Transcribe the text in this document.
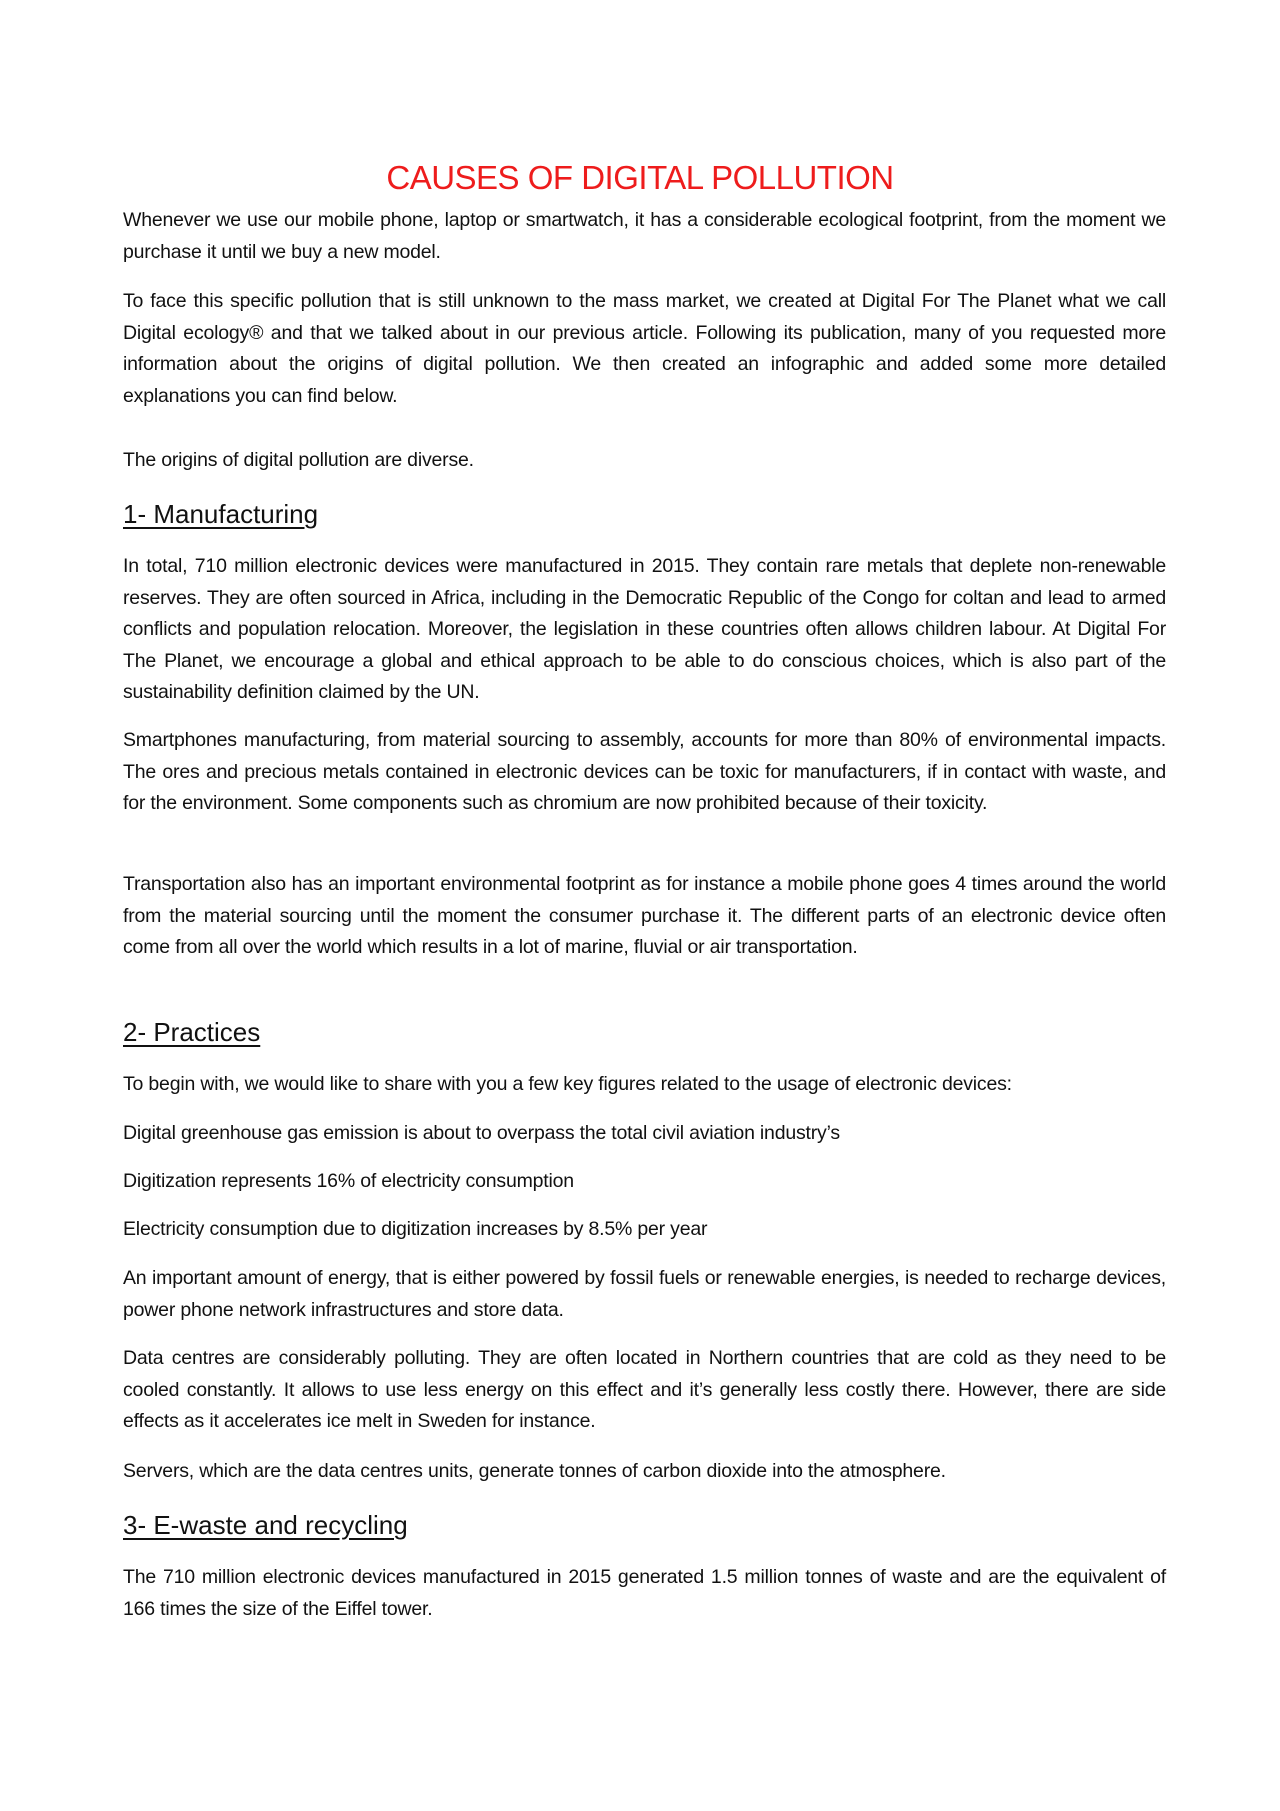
CAUSES OF DIGITAL POLLUTION

Whenever we use our mobile phone, laptop or smartwatch, it has a considerable ecological footprint, from the moment we purchase it until we buy a new model.

To face this specific pollution that is still unknown to the mass market, we created at Digital For The Planet what we call Digital ecology® and that we talked about in our previous article. Following its publication, many of you requested more information about the origins of digital pollution. We then created an infographic and added some more detailed explanations you can find below.

The origins of digital pollution are diverse.

1- Manufacturing

In total, 710 million electronic devices were manufactured in 2015. They contain rare metals that deplete non-renewable reserves. They are often sourced in Africa, including in the Democratic Republic of the Congo for coltan and lead to armed conflicts and population relocation. Moreover, the legislation in these countries often allows children labour. At Digital For The Planet, we encourage a global and ethical approach to be able to do conscious choices, which is also part of the sustainability definition claimed by the UN.

Smartphones manufacturing, from material sourcing to assembly, accounts for more than 80% of environmental impacts. The ores and precious metals contained in electronic devices can be toxic for manufacturers, if in contact with waste, and for the environment. Some components such as chromium are now prohibited because of their toxicity.

Transportation also has an important environmental footprint as for instance a mobile phone goes 4 times around the world from the material sourcing until the moment the consumer purchase it. The different parts of an electronic device often come from all over the world which results in a lot of marine, fluvial or air transportation.

2- Practices

To begin with, we would like to share with you a few key figures related to the usage of electronic devices:

Digital greenhouse gas emission is about to overpass the total civil aviation industry’s

Digitization represents 16% of electricity consumption

Electricity consumption due to digitization increases by 8.5% per year

An important amount of energy, that is either powered by fossil fuels or renewable energies, is needed to recharge devices, power phone network infrastructures and store data.

Data centres are considerably polluting. They are often located in Northern countries that are cold as they need to be cooled constantly. It allows to use less energy on this effect and it’s generally less costly there. However, there are side effects as it accelerates ice melt in Sweden for instance.

Servers, which are the data centres units, generate tonnes of carbon dioxide into the atmosphere.

3- E-waste and recycling

The 710 million electronic devices manufactured in 2015 generated 1.5 million tonnes of waste and are the equivalent of 166 times the size of the Eiffel tower.
